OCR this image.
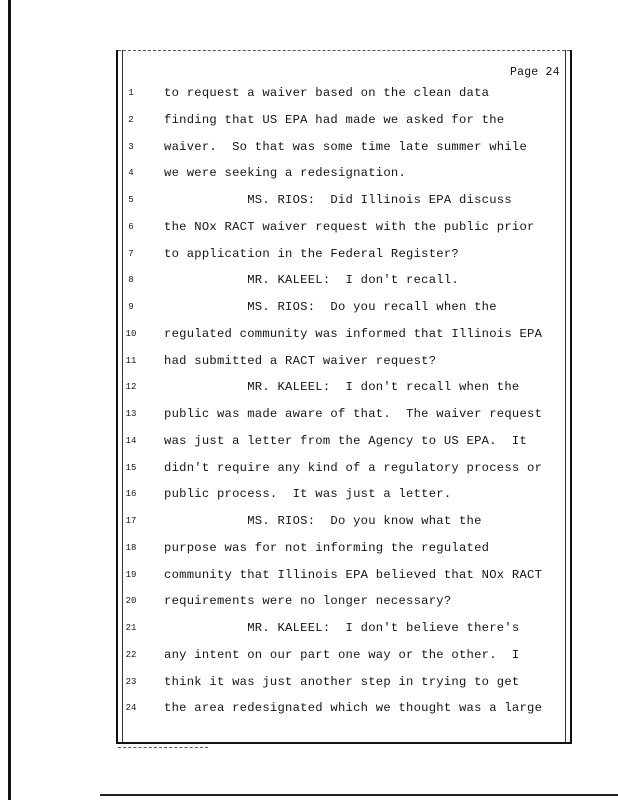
Page 24
1	to request a waiver based on the clean data
2	finding that US EPA had made we asked for the
3	waiver.  So that was some time late summer while
4	we were seeking a redesignation.
5	MS. RIOS:  Did Illinois EPA discuss
6	the NOx RACT waiver request with the public prior
7	to application in the Federal Register?
8	MR. KALEEL:  I don't recall.
9	MS. RIOS:  Do you recall when the
10	regulated community was informed that Illinois EPA
11	had submitted a RACT waiver request?
12	MR. KALEEL:  I don't recall when the
13	public was made aware of that.  The waiver request
14	was just a letter from the Agency to US EPA.  It
15	didn't require any kind of a regulatory process or
16	public process.  It was just a letter.
17	MS. RIOS:  Do you know what the
18	purpose was for not informing the regulated
19	community that Illinois EPA believed that NOx RACT
20	requirements were no longer necessary?
21	MR. KALEEL:  I don't believe there's
22	any intent on our part one way or the other.  I
23	think it was just another step in trying to get
24	the area redesignated which we thought was a large
